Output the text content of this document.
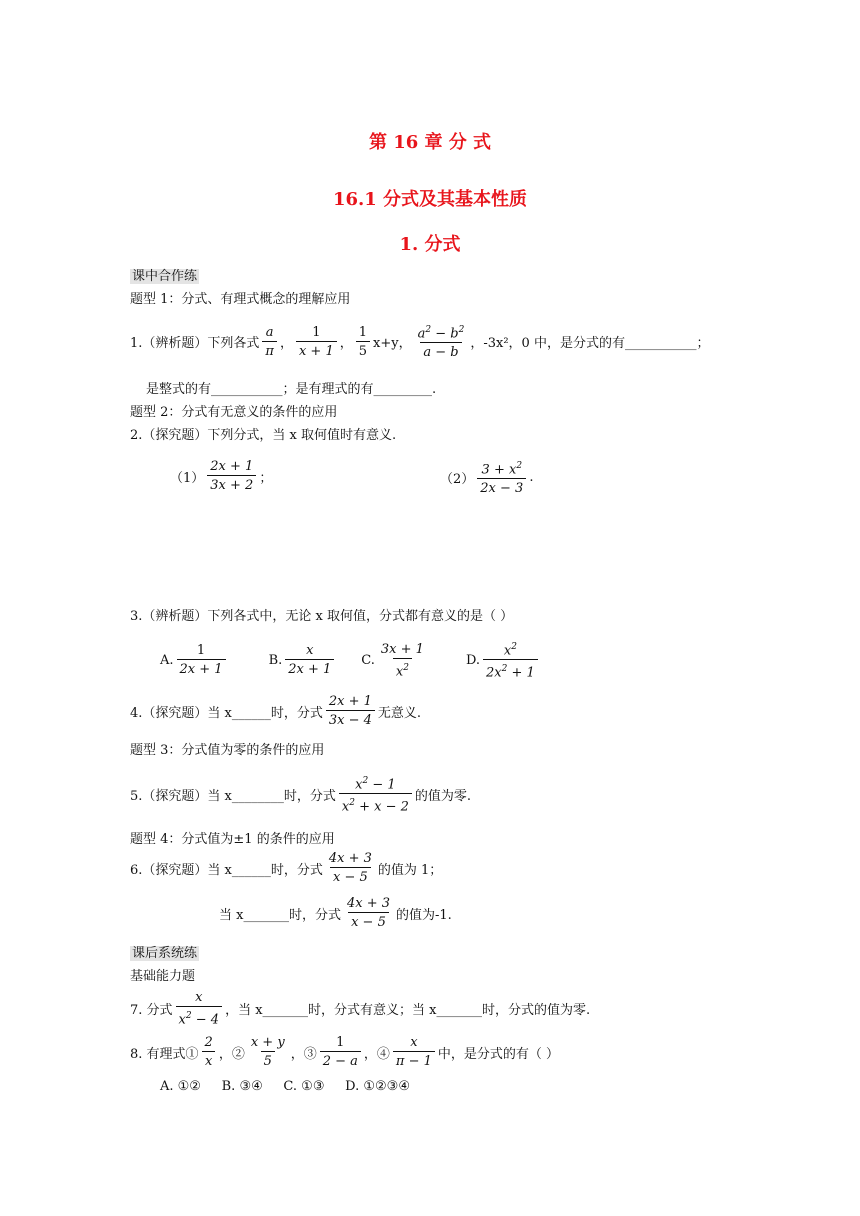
第 16 章 分 式
16.1 分式及其基本性质
1. 分式
课中合作练
题型 1：分式、有理式概念的理解应用
1.（辨析题）下列各式 $\frac{a}{\pi}$ ， $\frac{1}{x + 1}$ ， $\frac{1}{5} x+y$， $\frac{a^2 - b^2}{a - b}$ ，-3x²，0 中，是分式的有___________；
是整式的有___________；是有理式的有_________.
题型 2：分式有无意义的条件的应用
2.（探究题）下列分式，当 x 取何值时有意义.
$(1) \frac{2x + 1}{3x + 2}$ ；	$(2) \frac{3 + x^2}{2x - 3}$ .
3.（辨析题）下列各式中，无论 x 取何值，分式都有意义的是（ ）
A. $\frac{1}{2x + 1}$	B. $\frac{x}{2x + 1} C$. $\frac{3x + 1}{x^2}$	D. $\frac{x^2}{2x^2 + 1}$
4.（探究题）当 x______时，分式 $\frac{2x + 1}{3x - 4}$ 无意义.
题型 3：分式值为零的条件的应用
5.（探究题）当 x________时，分式 $\frac{x^2 - 1}{x^2 + x - 2}$ 的值为零.
题型 4：分式值为±1 的条件的应用
6.（探究题）当 x______时，分式 $\frac{4x + 3}{x - 5}$ 的值为 1；
当 x_______时，分式 $\frac{4x + 3}{x - 5}$ 的值为-1.
课后系统练
基础能力题
7. 分式 $\frac{x}{x^2 - 4}$ ，当 x_______时，分式有意义；当 x_______时，分式的值为零.
8. 有理式① $\frac{2}{x}$ ，② $\frac{x + y}{5}$ ，③ $\frac{1}{2 - a}$ ，④ $\frac{x}{\pi - 1}$ 中，是分式的有（ ）
A. ①②     B. ③④     C. ①③     D. ①②③④
